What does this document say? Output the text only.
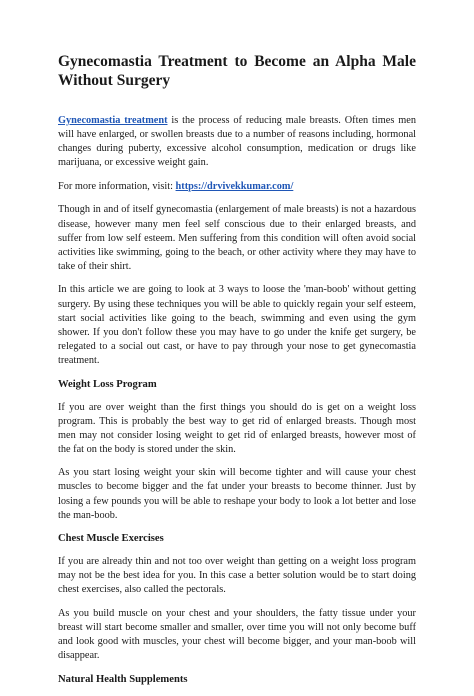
Gynecomastia Treatment to Become an Alpha Male Without Surgery

Gynecomastia treatment is the process of reducing male breasts. Often times men will have enlarged, or swollen breasts due to a number of reasons including, hormonal changes during puberty, excessive alcohol consumption, medication or drugs like marijuana, or excessive weight gain.

For more information, visit: https://drvivekkumar.com/

Though in and of itself gynecomastia (enlargement of male breasts) is not a hazardous disease, however many men feel self conscious due to their enlarged breasts, and suffer from low self esteem. Men suffering from this condition will often avoid social activities like swimming, going to the beach, or other activity where they may have to take of their shirt.

In this article we are going to look at 3 ways to loose the 'man-boob' without getting surgery. By using these techniques you will be able to quickly regain your self esteem, start social activities like going to the beach, swimming and even using the gym shower. If you don't follow these you may have to go under the knife get surgery, be relegated to a social out cast, or have to pay through your nose to get gynecomastia treatment.

Weight Loss Program

If you are over weight than the first things you should do is get on a weight loss program. This is probably the best way to get rid of enlarged breasts. Though most men may not consider losing weight to get rid of enlarged breasts, however most of the fat on the body is stored under the skin.

As you start losing weight your skin will become tighter and will cause your chest muscles to become bigger and the fat under your breasts to become thinner. Just by losing a few pounds you will be able to reshape your body to look a lot better and lose the man-boob.

Chest Muscle Exercises

If you are already thin and not too over weight than getting on a weight loss program may not be the best idea for you. In this case a better solution would be to start doing chest exercises, also called the pectorals.

As you build muscle on your chest and your shoulders, the fatty tissue under your breast will start become smaller and smaller, over time you will not only become buff and look good with muscles, your chest will become bigger, and your man-boob will disappear.

Natural Health Supplements
